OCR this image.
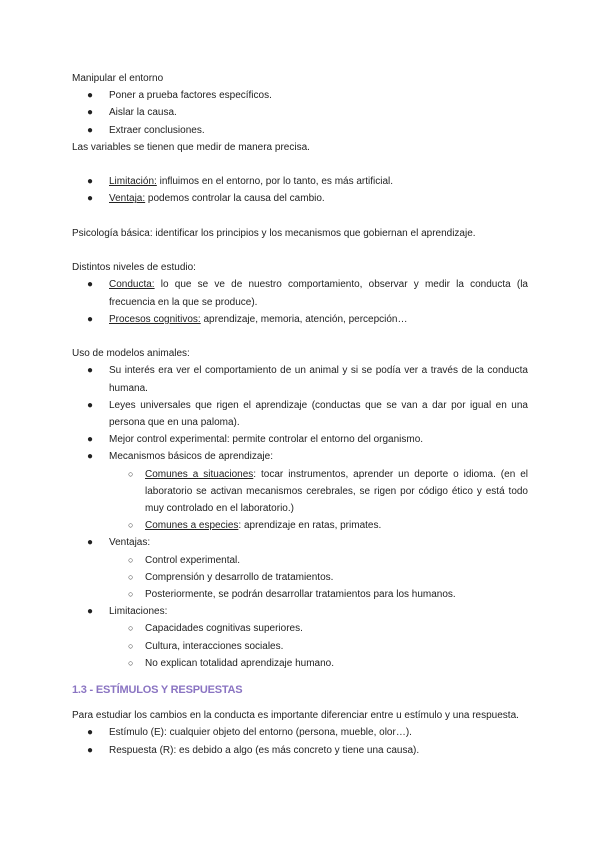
Manipular el entorno

● Poner a prueba factores específicos.
● Aislar la causa.
● Extraer conclusiones.

Las variables se tienen que medir de manera precisa.

● Limitación: influimos en el entorno, por lo tanto, es más artificial.
● Ventaja: podemos controlar la causa del cambio.

Psicología básica: identificar los principios y los mecanismos que gobiernan el aprendizaje.

Distintos niveles de estudio:

● Conducta: lo que se ve de nuestro comportamiento, observar y medir la conducta (la frecuencia en la que se produce).
● Procesos cognitivos: aprendizaje, memoria, atención, percepción…

Uso de modelos animales:

● Su interés era ver el comportamiento de un animal y si se podía ver a través de la conducta humana.
● Leyes universales que rigen el aprendizaje (conductas que se van a dar por igual en una persona que en una paloma).
● Mejor control experimental: permite controlar el entorno del organismo.
● Mecanismos básicos de aprendizaje:
○ Comunes a situaciones: tocar instrumentos, aprender un deporte o idioma. (en el laboratorio se activan mecanismos cerebrales, se rigen por código ético y está todo muy controlado en el laboratorio.)
○ Comunes a especies: aprendizaje en ratas, primates.
● Ventajas:
○ Control experimental.
○ Comprensión y desarrollo de tratamientos.
○ Posteriormente, se podrán desarrollar tratamientos para los humanos.
● Limitaciones:
○ Capacidades cognitivas superiores.
○ Cultura, interacciones sociales.
○ No explican totalidad aprendizaje humano.
1.3 - ESTÍMULOS Y RESPUESTAS

Para estudiar los cambios en la conducta es importante diferenciar entre u estímulo y una respuesta.

● Estímulo (E): cualquier objeto del entorno (persona, mueble, olor…).
● Respuesta (R): es debido a algo (es más concreto y tiene una causa).
